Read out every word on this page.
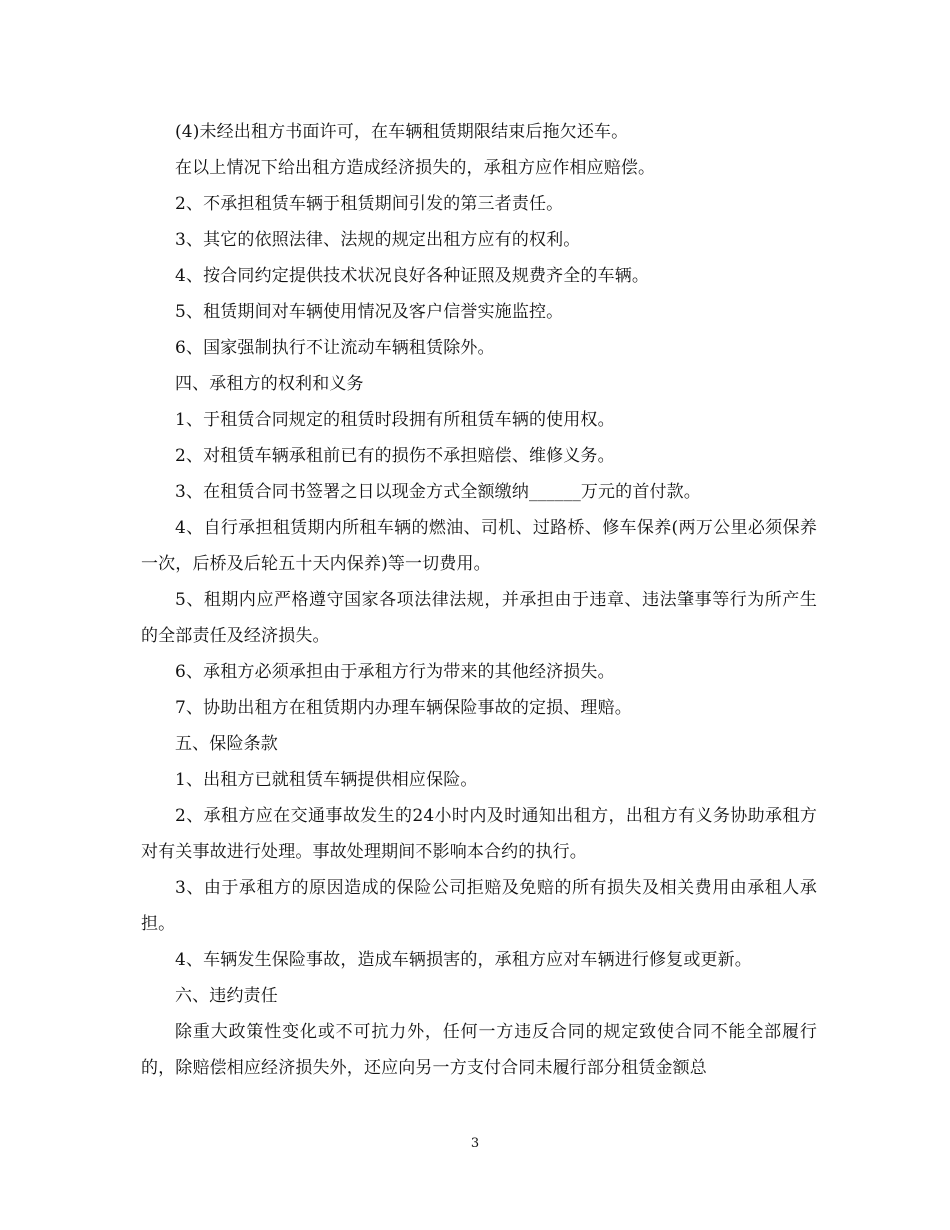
(4)未经出租方书面许可，在车辆租赁期限结束后拖欠还车。

在以上情况下给出租方造成经济损失的，承租方应作相应赔偿。

2、不承担租赁车辆于租赁期间引发的第三者责任。

3、其它的依照法律、法规的规定出租方应有的权利。

4、按合同约定提供技术状况良好各种证照及规费齐全的车辆。

5、租赁期间对车辆使用情况及客户信誉实施监控。

6、国家强制执行不让流动车辆租赁除外。

四、承租方的权利和义务

1、于租赁合同规定的租赁时段拥有所租赁车辆的使用权。

2、对租赁车辆承租前已有的损伤不承担赔偿、维修义务。

3、在租赁合同书签署之日以现金方式全额缴纳______万元的首付款。

4、自行承担租赁期内所租车辆的燃油、司机、过路桥、修车保养(两万公里必须保养一次，后桥及后轮五十天内保养)等一切费用。

5、租期内应严格遵守国家各项法律法规，并承担由于违章、违法肇事等行为所产生的全部责任及经济损失。

6、承租方必须承担由于承租方行为带来的其他经济损失。

7、协助出租方在租赁期内办理车辆保险事故的定损、理赔。

五、保险条款

1、出租方已就租赁车辆提供相应保险。

2、承租方应在交通事故发生的24小时内及时通知出租方，出租方有义务协助承租方对有关事故进行处理。事故处理期间不影响本合约的执行。

3、由于承租方的原因造成的保险公司拒赔及免赔的所有损失及相关费用由承租人承担。

4、车辆发生保险事故，造成车辆损害的，承租方应对车辆进行修复或更新。

六、违约责任

除重大政策性变化或不可抗力外，任何一方违反合同的规定致使合同不能全部履行的，除赔偿相应经济损失外，还应向另一方支付合同未履行部分租赁金额总

3
